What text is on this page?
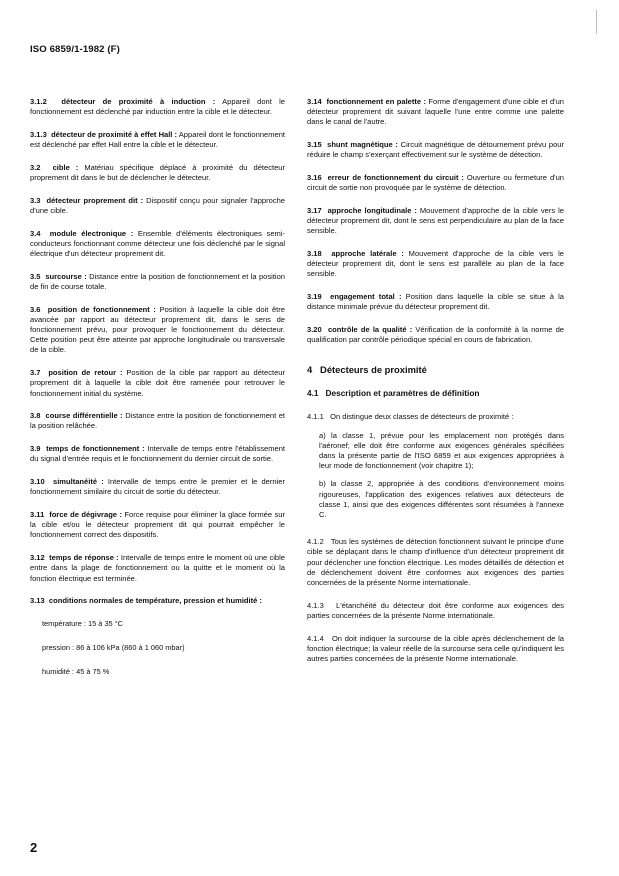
ISO 6859/1-1982 (F)

3.1.2 détecteur de proximité à induction : Appareil dont le fonctionnement est déclenché par induction entre la cible et le détecteur.

3.1.3 détecteur de proximité à effet Hall : Appareil dont le fonctionnement est déclenché par effet Hall entre la cible et le détecteur.

3.2 cible : Matériau spécifique déplacé à proximité du détecteur proprement dit dans le but de déclencher le détecteur.

3.3 détecteur proprement dit : Dispositif conçu pour signaler l'approche d'une cible.

3.4 module électronique : Ensemble d'éléments électroniques semi-conducteurs fonctionnant comme détecteur une fois déclenché par le signal électrique d'un détecteur proprement dit.

3.5 surcourse : Distance entre la position de fonctionnement et la position de fin de course totale.

3.6 position de fonctionnement : Position à laquelle la cible doit être avancée par rapport au détecteur proprement dit, dans le sens de fonctionnement prévu, pour provoquer le fonctionnement du détecteur. Cette position peut être atteinte par approche longitudinale ou transversale de la cible.

3.7 position de retour : Position de la cible par rapport au détecteur proprement dit à laquelle la cible doit être ramenée pour retrouver le fonctionnement initial du système.

3.8 course différentielle : Distance entre la position de fonctionnement et la position relâchée.

3.9 temps de fonctionnement : Intervalle de temps entre l'établissement du signal d'entrée requis et le fonctionnement du dernier circuit de sortie.

3.10 simultanéité : Intervalle de temps entre le premier et le dernier fonctionnement similaire du circuit de sortie du détecteur.

3.11 force de dégivrage : Force requise pour éliminer la glace formée sur la cible et/ou le détecteur proprement dit qui pourrait empêcher le fonctionnement correct des dispositifs.

3.12 temps de réponse : Intervalle de temps entre le moment où une cible entre dans la plage de fonctionnement ou la quitte et le moment où la fonction électrique est terminée.

3.13 conditions normales de température, pression et humidité :

température : 15 à 35 °C

pression : 86 à 106 kPa (860 à 1 060 mbar)

humidité : 45 à 75 %

3.14 fonctionnement en palette : Forme d'engagement d'une cible et d'un détecteur proprement dit suivant laquelle l'une entre comme une palette dans le canal de l'autre.

3.15 shunt magnétique : Circuit magnétique de détournement prévu pour réduire le champ s'exerçant effectivement sur le système de détection.

3.16 erreur de fonctionnement du circuit : Ouverture ou fermeture d'un circuit de sortie non provoquée par le système de détection.

3.17 approche longitudinale : Mouvement d'approche de la cible vers le détecteur proprement dit, dont le sens est perpendiculaire au plan de la face sensible.

3.18 approche latérale : Mouvement d'approche de la cible vers le détecteur proprement dit, dont le sens est parallèle au plan de la face sensible.

3.19 engagement total : Position dans laquelle la cible se situe à la distance minimale prévue du détecteur proprement dit.

3.20 contrôle de la qualité : Vérification de la conformité à la norme de qualification par contrôle périodique spécial en cours de fabrication.

4 Détecteurs de proximité

4.1 Description et paramètres de définition

4.1.1 On distingue deux classes de détecteurs de proximité :

a) la classe 1, prévue pour les emplacement non protégés dans l'aéronef; elle doit être conforme aux exigences générales spécifiées dans la présente partie de l'ISO 6859 et aux exigences appropriées à leur mode de fonctionnement (voir chapitre 1);

b) la classe 2, appropriée à des conditions d'environnement moins rigoureuses, l'application des exigences relatives aux détecteurs de classe 1, ainsi que des exigences différentes sont résumées à l'annexe C.

4.1.2 Tous les systèmes de détection fonctionnent suivant le principe d'une cible se déplaçant dans le champ d'influence d'un détecteur proprement dit pour déclencher une fonction électrique. Les modes détaillés de détection et de déclenchement doivent être conformes aux exigences des parties concernées de la présente Norme internationale.

4.1.3 L'étanchéité du détecteur doit être conforme aux exigences des parties concernées de la présente Norme internationale.

4.1.4 On doit indiquer la surcourse de la cible après déclenchement de la fonction électrique; la valeur réelle de la surcourse sera celle qu'indiquent les autres parties concernées de la présente Norme internationale.

2
